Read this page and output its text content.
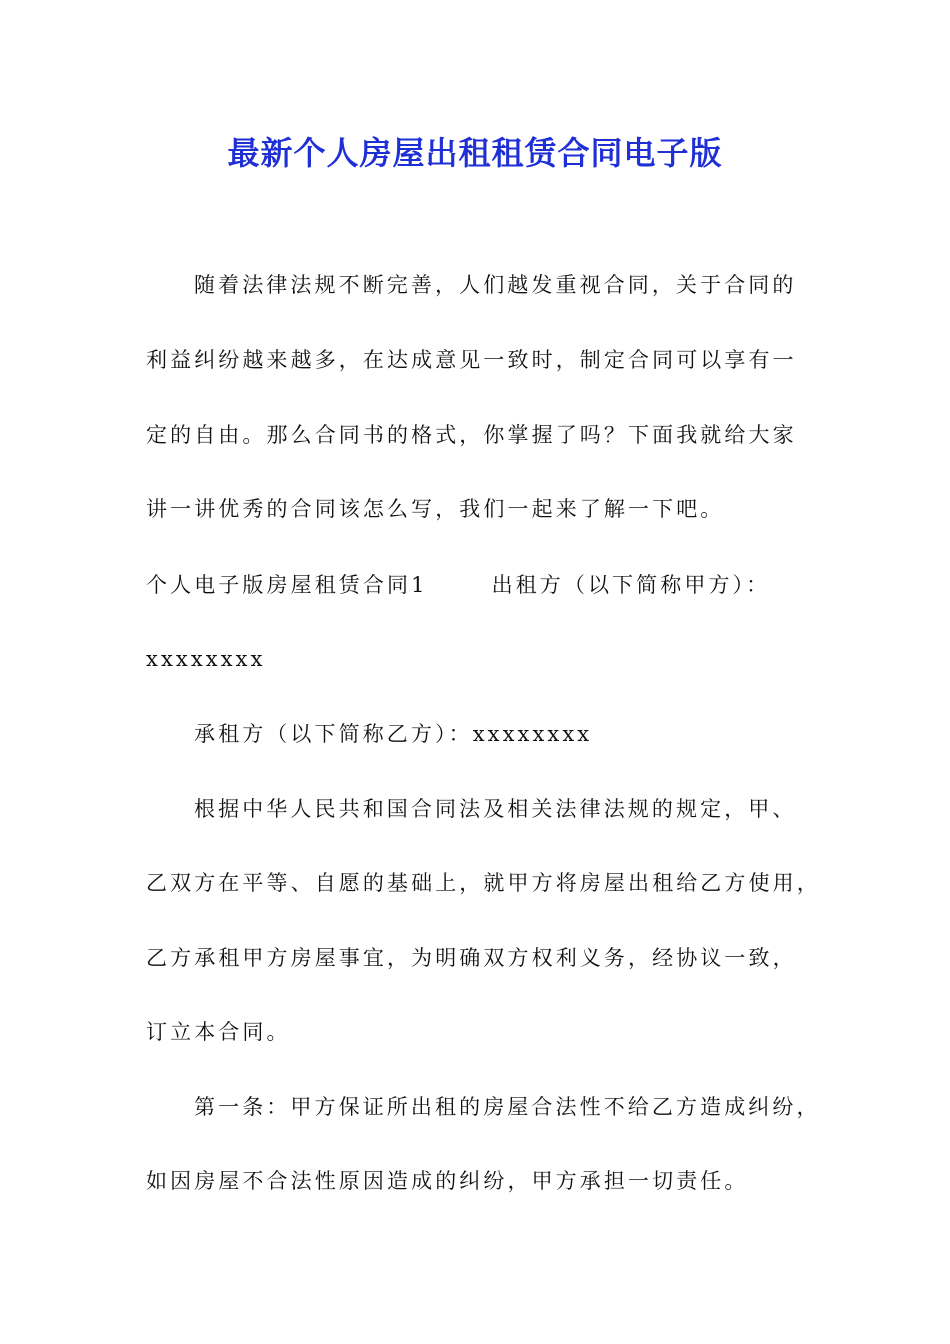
最新个人房屋出租租赁合同电子版
随着法律法规不断完善，人们越发重视合同，关于合同的
利益纠纷越来越多，在达成意见一致时，制定合同可以享有一
定的自由。那么合同书的格式，你掌握了吗？下面我就给大家
讲一讲优秀的合同该怎么写，我们一起来了解一下吧。
个人电子版房屋租赁合同1	出租方（以下简称甲方）：
xxxxxxxx
承租方（以下简称乙方）：xxxxxxxx
根据中华人民共和国合同法及相关法律法规的规定，甲、
乙双方在平等、自愿的基础上，就甲方将房屋出租给乙方使用，
乙方承租甲方房屋事宜，为明确双方权利义务，经协议一致，
订立本合同。
第一条：甲方保证所出租的房屋合法性不给乙方造成纠纷，
如因房屋不合法性原因造成的纠纷，甲方承担一切责任。
